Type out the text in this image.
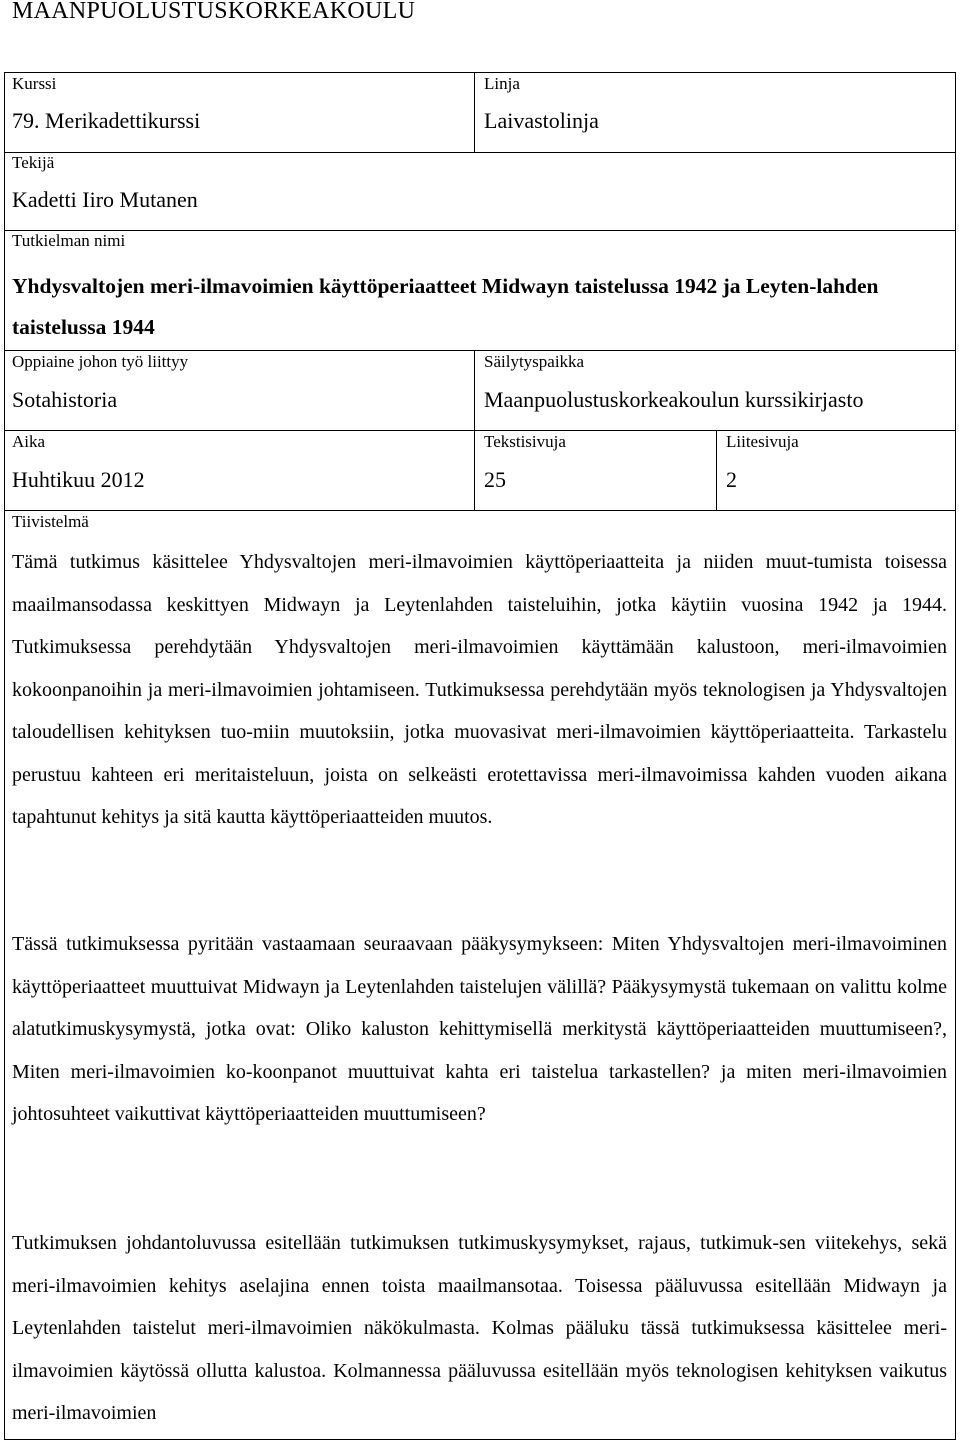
MAANPUOLUSTUSKORKEAKOULU
Kurssi
79. Merikadettikurssi
Linja
Laivastolinja
Tekijä
Kadetti Iiro Mutanen
Tutkielman nimi
Yhdysvaltojen meri-ilmavoimien käyttöperiaatteet Midwayn taistelussa 1942 ja Leyten-lahden taistelussa 1944
Oppiaine johon työ liittyy
Sotahistoria
Säilytyspaikka
Maanpuolustuskorkeakoulun kurssikirjasto
Aika
Huhtikuu 2012
Tekstisivuja
25
Liitesivuja
2
Tiivistelmä
Tämä tutkimus käsittelee Yhdysvaltojen meri-ilmavoimien käyttöperiaatteita ja niiden muut-tumista toisessa maailmansodassa keskittyen Midwayn ja Leytenlahden taisteluihin, jotka käytiin vuosina 1942 ja 1944. Tutkimuksessa perehdytään Yhdysvaltojen meri-ilmavoimien käyttämään kalustoon, meri-ilmavoimien kokoonpanoihin ja meri-ilmavoimien johtamiseen. Tutkimuksessa perehdytään myös teknologisen ja Yhdysvaltojen taloudellisen kehityksen tuo-miin muutoksiin, jotka muovasivat meri-ilmavoimien käyttöperiaatteita. Tarkastelu perustuu kahteen eri meritaisteluun, joista on selkeästi erotettavissa meri-ilmavoimissa kahden vuoden aikana tapahtunut kehitys ja sitä kautta käyttöperiaatteiden muutos.
Tässä tutkimuksessa pyritään vastaamaan seuraavaan pääkysymykseen: Miten Yhdysvaltojen meri-ilmavoiminen käyttöperiaatteet muuttuivat Midwayn ja Leytenlahden taistelujen välillä? Pääkysymystä tukemaan on valittu kolme alatutkimuskysymystä, jotka ovat: Oliko kaluston kehittymisellä merkitystä käyttöperiaatteiden muuttumiseen?, Miten meri-ilmavoimien ko-koonpanot muuttuivat kahta eri taistelua tarkastellen? ja miten meri-ilmavoimien johtosuhteet vaikuttivat käyttöperiaatteiden muuttumiseen?
Tutkimuksen johdantoluvussa esitellään tutkimuksen tutkimuskysymykset, rajaus, tutkimuk-sen viitekehys, sekä meri-ilmavoimien kehitys aselajina ennen toista maailmansotaa. Toisessa pääluvussa esitellään Midwayn ja Leytenlahden taistelut meri-ilmavoimien näkökulmasta. Kolmas pääluku tässä tutkimuksessa käsittelee meri-ilmavoimien käytössä ollutta kalustoa. Kolmannessa pääluvussa esitellään myös teknologisen kehityksen vaikutus meri-ilmavoimien
